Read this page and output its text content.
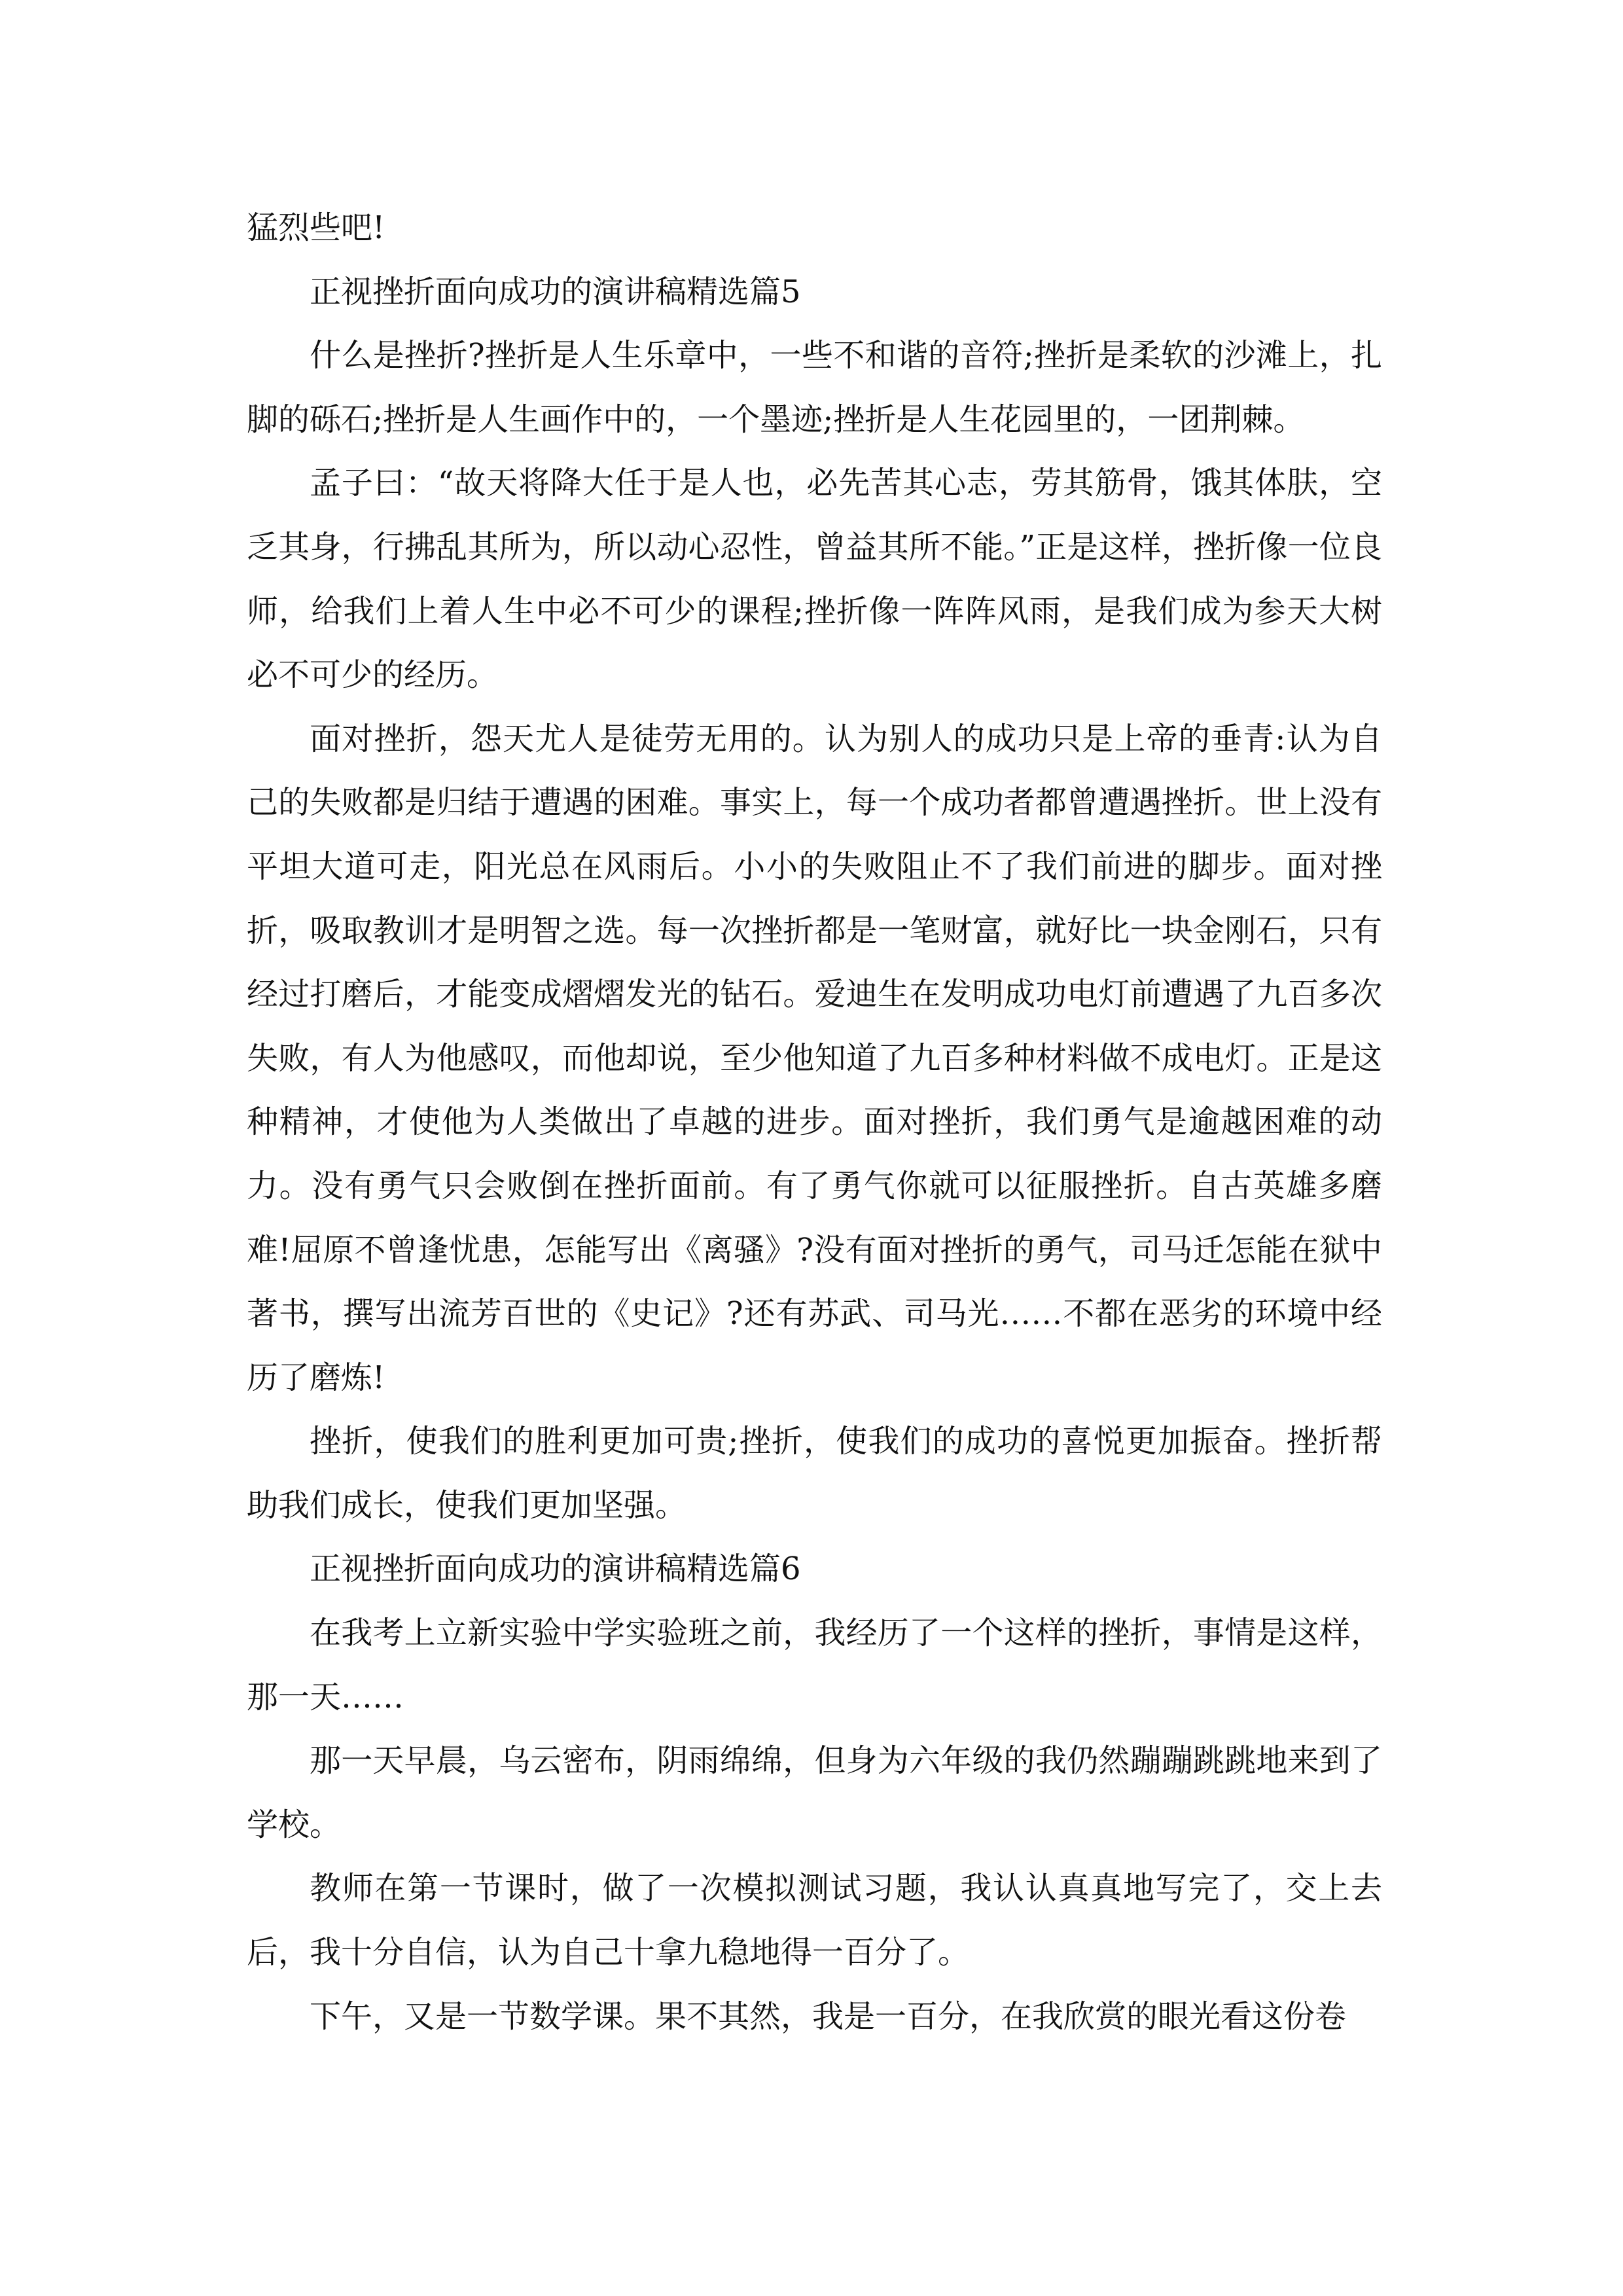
猛烈些吧!

正视挫折面向成功的演讲稿精选篇5

什么是挫折?挫折是人生乐章中，一些不和谐的音符;挫折是柔软的沙滩上，扎脚的砾石;挫折是人生画作中的，一个墨迹;挫折是人生花园里的，一团荆棘。

孟子曰：“故天将降大任于是人也，必先苦其心志，劳其筋骨，饿其体肤，空乏其身，行拂乱其所为，所以动心忍性，曾益其所不能。”正是这样，挫折像一位良师，给我们上着人生中必不可少的课程;挫折像一阵阵风雨，是我们成为参天大树必不可少的经历。

面对挫折，怨天尤人是徒劳无用的。认为别人的成功只是上帝的垂青:认为自己的失败都是归结于遭遇的困难。事实上，每一个成功者都曾遭遇挫折。世上没有平坦大道可走，阳光总在风雨后。小小的失败阻止不了我们前进的脚步。面对挫折，吸取教训才是明智之选。每一次挫折都是一笔财富，就好比一块金刚石，只有经过打磨后，才能变成熠熠发光的钻石。爱迪生在发明成功电灯前遭遇了九百多次失败，有人为他感叹，而他却说，至少他知道了九百多种材料做不成电灯。正是这种精神，才使他为人类做出了卓越的进步。面对挫折，我们勇气是逾越困难的动力。没有勇气只会败倒在挫折面前。有了勇气你就可以征服挫折。自古英雄多磨难!屈原不曾逢忧患，怎能写出《离骚》?没有面对挫折的勇气，司马迁怎能在狱中著书，撰写出流芳百世的《史记》?还有苏武、司马光……不都在恶劣的环境中经历了磨炼!

挫折，使我们的胜利更加可贵;挫折，使我们的成功的喜悦更加振奋。挫折帮助我们成长，使我们更加坚强。

正视挫折面向成功的演讲稿精选篇6

在我考上立新实验中学实验班之前，我经历了一个这样的挫折，事情是这样，那一天……

那一天早晨，乌云密布，阴雨绵绵，但身为六年级的我仍然蹦蹦跳跳地来到了学校。

教师在第一节课时，做了一次模拟测试习题，我认认真真地写完了，交上去后，我十分自信，认为自己十拿九稳地得一百分了。

下午，又是一节数学课。果不其然，我是一百分，在我欣赏的眼光看这份卷
